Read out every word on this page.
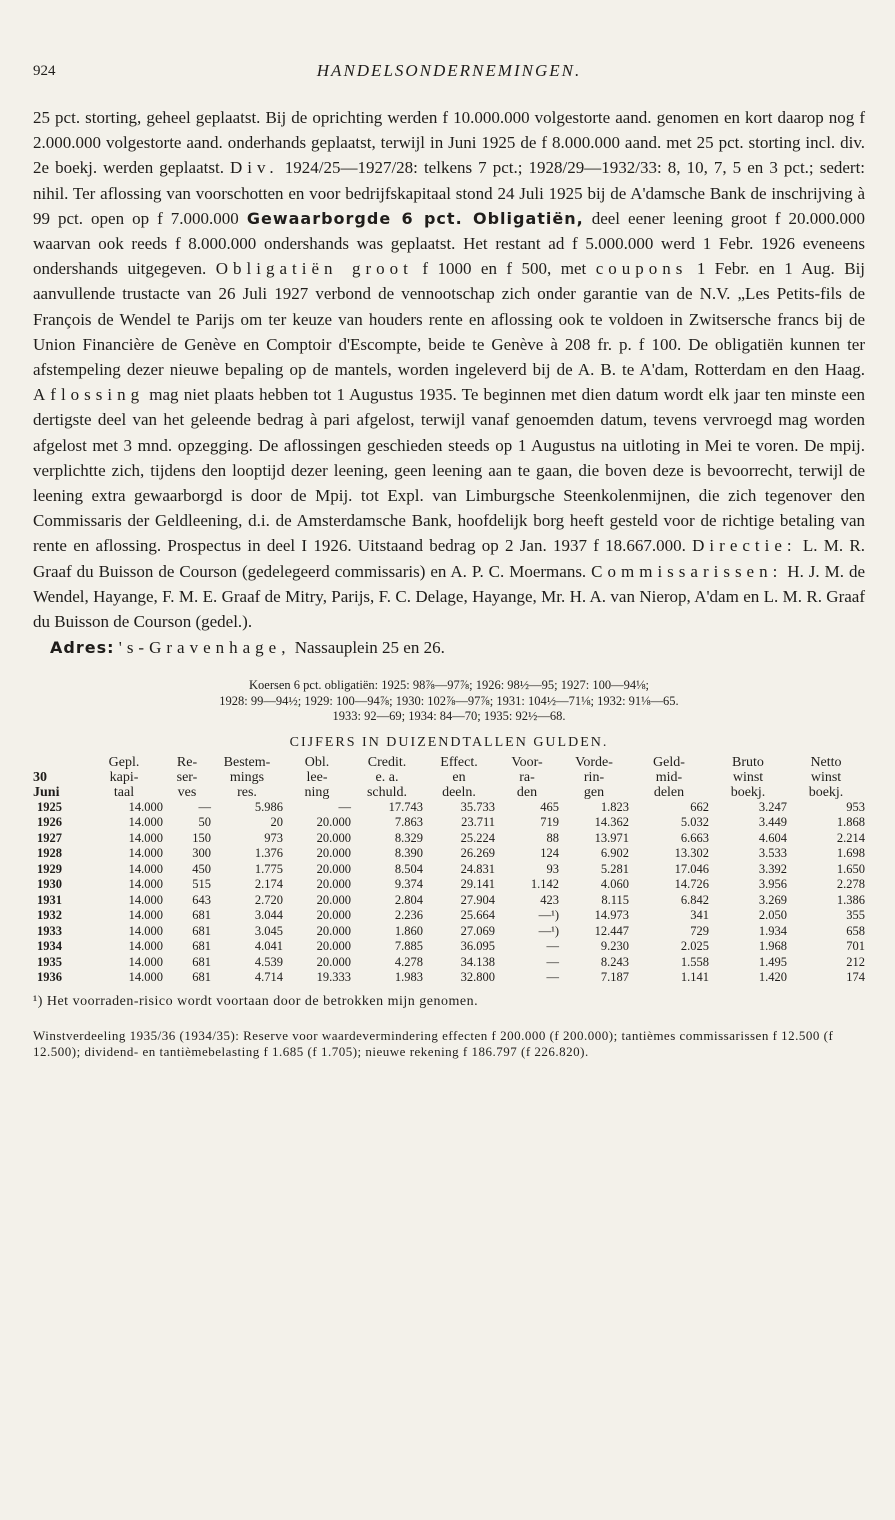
924	HANDELSONDERNEMINGEN.
25 pct. storting, geheel geplaatst. Bij de oprichting werden f 10.000.000 volgestorte aand. genomen en kort daarop nog f 2.000.000 volgestorte aand. onderhands geplaatst, terwijl in Juni 1925 de f 8.000.000 aand. met 25 pct. storting incl. div. 2e boekj. werden geplaatst. Div. 1924/25—1927/28: telkens 7 pct.; 1928/29—1932/33: 8, 10, 7, 5 en 3 pct.; sedert: nihil. Ter aflossing van voorschotten en voor bedrijfskapitaal stond 24 Juli 1925 bij de A'damsche Bank de inschrijving à 99 pct. open op f 7.000.000 Gewaarborgde 6 pct. Obligatiën, deel eener leening groot f 20.000.000 waarvan ook reeds f 8.000.000 ondershands was geplaatst. Het restant ad f 5.000.000 werd 1 Febr. 1926 eveneens ondershands uitgegeven. Obligatiën groot f 1000 en f 500, met coupons 1 Febr. en 1 Aug. Bij aanvullende trustacte van 26 Juli 1927 verbond de vennootschap zich onder garantie van de N.V. „Les Petits-fils de François de Wendel te Parijs om ter keuze van houders rente en aflossing ook te voldoen in Zwitsersche francs bij de Union Financière de Genève en Comptoir d'Escompte, beide te Genève à 208 fr. p. f 100. De obligatiën kunnen ter afstempeling dezer nieuwe bepaling op de mantels, worden ingeleverd bij de A. B. te A'dam, Rotterdam en den Haag. Aflossing mag niet plaats hebben tot 1 Augustus 1935. Te beginnen met dien datum wordt elk jaar ten minste een dertigste deel van het geleende bedrag à pari afgelost, terwijl vanaf genoemden datum, tevens vervroegd mag worden afgelost met 3 mnd. opzegging. De aflossingen geschieden steeds op 1 Augustus na uitloting in Mei te voren. De mpij. verplichtte zich, tijdens den looptijd dezer leening, geen leening aan te gaan, die boven deze is bevoorrecht, terwijl de leening extra gewaarborgd is door de Mpij. tot Expl. van Limburgsche Steenkolenmijnen, die zich tegenover den Commissaris der Geldleening, d.i. de Amsterdamsche Bank, hoofdelijk borg heeft gesteld voor de richtige betaling van rente en aflossing. Prospectus in deel I 1926. Uitstaand bedrag op 2 Jan. 1937 f 18.667.000. Directie: L. M. R. Graaf du Buisson de Courson (gedelegeerd commissaris) en A. P. C. Moermans. Commissarissen: H. J. M. de Wendel, Hayange, F. M. E. Graaf de Mitry, Parijs, F. C. Delage, Hayange, Mr. H. A. van Nierop, A'dam en L. M. R. Graaf du Buisson de Courson (gedel.).
Adres: 's-Gravenhage, Nassauplein 25 en 26.
Koersen 6 pct. obligatiën: 1925: 98⅞—97⅞; 1926: 98½—95; 1927: 100—94⅛;
1928: 99—94½; 1929: 100—94⅞; 1930: 102⅞—97⅞; 1931: 104½—71⅛; 1932: 91⅛—65.
1933: 92—69; 1934: 84—70; 1935: 92½—68.
CIJFERS IN DUIZENDTALLEN GULDEN.
	Gepl.	Re-	Bestem-	Obl.	Credit.	Effect.	Voor-	Vorde-	Geld-	Bruto	Netto
30	kapi-	ser-	mings	lee-	e. a.	en	ra-	rin-	mid-	winst	winst
Juni	taal	ves	res.	ning	schuld.	deeln.	den	gen	delen	boekj.	boekj.
1925	14.000	—	5.986	—	17.743	35.733	465	1.823	662	3.247	953
1926	14.000	50	20	20.000	7.863	23.711	719	14.362	5.032	3.449	1.868
1927	14.000	150	973	20.000	8.329	25.224	88	13.971	6.663	4.604	2.214
1928	14.000	300	1.376	20.000	8.390	26.269	124	6.902	13.302	3.533	1.698
1929	14.000	450	1.775	20.000	8.504	24.831	93	5.281	17.046	3.392	1.650
1930	14.000	515	2.174	20.000	9.374	29.141	1.142	4.060	14.726	3.956	2.278
1931	14.000	643	2.720	20.000	2.804	27.904	423	8.115	6.842	3.269	1.386
1932	14.000	681	3.044	20.000	2.236	25.664	—¹)	14.973	341	2.050	355
1933	14.000	681	3.045	20.000	1.860	27.069	—¹)	12.447	729	1.934	658
1934	14.000	681	4.041	20.000	7.885	36.095	—	9.230	2.025	1.968	701
1935	14.000	681	4.539	20.000	4.278	34.138	—	8.243	1.558	1.495	212
1936	14.000	681	4.714	19.333	1.983	32.800	—	7.187	1.141	1.420	174
¹) Het voorraden-risico wordt voortaan door de betrokken mijn genomen.
Winstverdeeling 1935/36 (1934/35): Reserve voor waardevermindering effecten f 200.000 (f 200.000); tantièmes commissarissen f 12.500 (f 12.500); dividend- en tantièmebelasting f 1.685 (f 1.705); nieuwe rekening f 186.797 (f 226.820).
